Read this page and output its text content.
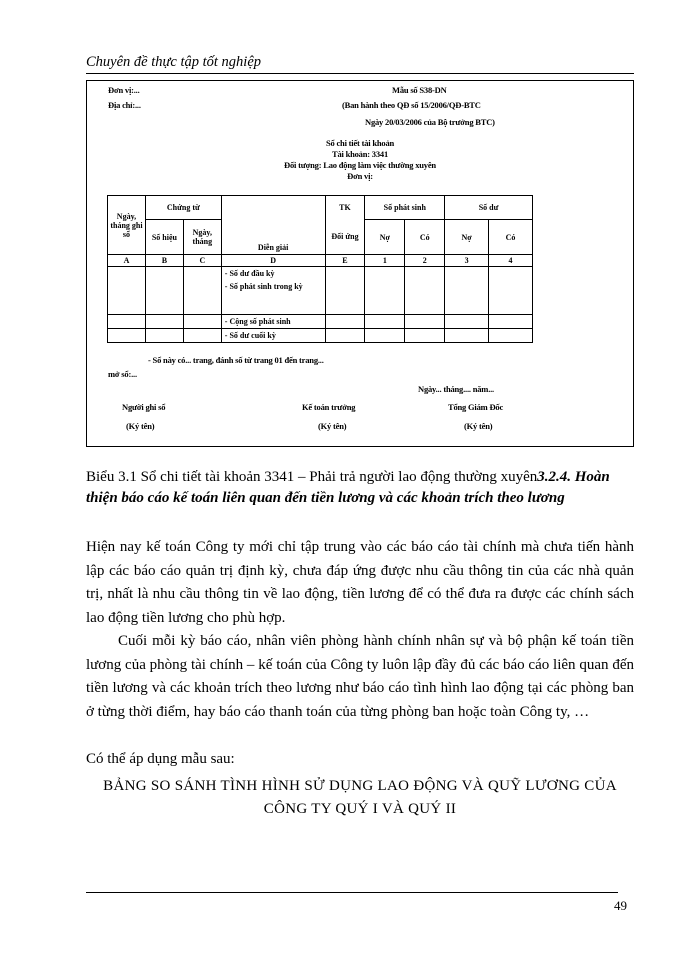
Chuyên đề thực tập tốt nghiệp
Đơn vị:...
Địa chỉ:...
Mẫu số S38-DN
(Ban hành theo QĐ số 15/2006/QĐ-BTC
Ngày 20/03/2006 của Bộ trưởng BTC)
Sổ chi tiết tài khoản
Tài khoản: 3341
Đối tượng: Lao động làm việc thường xuyên
Đơn vị:
Ngày, tháng ghi sổ	Chứng từ		Diễn giải	TK	Số phát sinh		Số dư	
	Số hiệu	Ngày, tháng		Đối ứng	Nợ	Có	Nợ	Có
A	B	C	D	E	1	2	3	4

			- Số dư đầu kỳ
- Số phát sinh trong kỳ					

			- Cộng số phát sinh					

			- Số dư cuối kỳ					

- Sổ này có... trang, đánh số từ trang 01 đến trang...
mở sổ:...
Ngày... tháng.... năm...
Người ghi sổ	Kế toán trưởng	Tổng Giám Đốc
(Ký tên)	(Ký tên)	(Ký tên)
Biểu 3.1 Sổ chi tiết tài khoản 3341 – Phải trả người lao động thường xuyên3.2.4. Hoàn thiện báo cáo kế toán liên quan đến tiền lương và các khoản trích theo lương
Hiện nay kế toán Công ty mới chỉ tập trung vào các báo cáo tài chính mà chưa tiến hành lập các báo cáo quản trị định kỳ, chưa đáp ứng được nhu cầu thông tin của các nhà quản trị, nhất là nhu cầu thông tin về lao động, tiền lương để có thể đưa ra được các chính sách lao động tiền lương cho phù hợp.
Cuối mỗi kỳ báo cáo, nhân viên phòng hành chính nhân sự và bộ phận kế toán tiền lương của phòng tài chính – kế toán của Công ty luôn lập đầy đủ các báo cáo liên quan đến tiền lương và các khoản trích theo lương như báo cáo tình hình lao động tại các phòng ban ở từng thời điểm, hay báo cáo thanh toán của từng phòng ban hoặc toàn Công ty, …
Có thể áp dụng mẫu sau:
BẢNG SO SÁNH TÌNH HÌNH SỬ DỤNG LAO ĐỘNG VÀ QUỸ LƯƠNG CỦA
CÔNG TY QUÝ I VÀ QUÝ II
49
